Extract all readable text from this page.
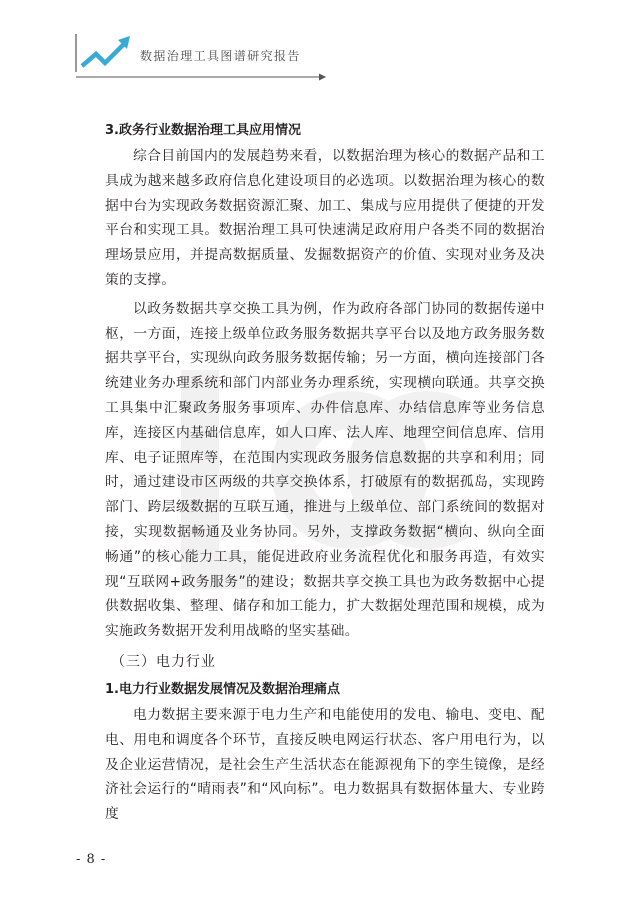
数据治理工具图谱研究报告
3.政务行业数据治理工具应用情况

综合目前国内的发展趋势来看，以数据治理为核心的数据产品和工具成为越来越多政府信息化建设项目的必选项。以数据治理为核心的数据中台为实现政务数据资源汇聚、加工、集成与应用提供了便捷的开发平台和实现工具。数据治理工具可快速满足政府用户各类不同的数据治理场景应用，并提高数据质量、发掘数据资产的价值、实现对业务及决策的支撑。

以政务数据共享交换工具为例，作为政府各部门协同的数据传递中枢，一方面，连接上级单位政务服务数据共享平台以及地方政务服务数据共享平台，实现纵向政务服务数据传输；另一方面，横向连接部门各统建业务办理系统和部门内部业务办理系统，实现横向联通。共享交换工具集中汇聚政务服务事项库、办件信息库、办结信息库等业务信息库，连接区内基础信息库，如人口库、法人库、地理空间信息库、信用库、电子证照库等，在范围内实现政务服务信息数据的共享和利用；同时，通过建设市区两级的共享交换体系，打破原有的数据孤岛，实现跨部门、跨层级数据的互联互通，推进与上级单位、部门系统间的数据对接，实现数据畅通及业务协同。另外，支撑政务数据“横向、纵向全面畅通”的核心能力工具，能促进政府业务流程优化和服务再造，有效实现“互联网+政务服务”的建设；数据共享交换工具也为政务数据中心提供数据收集、整理、储存和加工能力，扩大数据处理范围和规模，成为实施政务数据开发利用战略的坚实基础。

（三）电力行业
1.电力行业数据发展情况及数据治理痛点

电力数据主要来源于电力生产和电能使用的发电、输电、变电、配电、用电和调度各个环节，直接反映电网运行状态、客户用电行为，以及企业运营情况，是社会生产生活状态在能源视角下的孪生镜像，是经济社会运行的“晴雨表”和“风向标”。电力数据具有数据体量大、专业跨度

- 8 -
